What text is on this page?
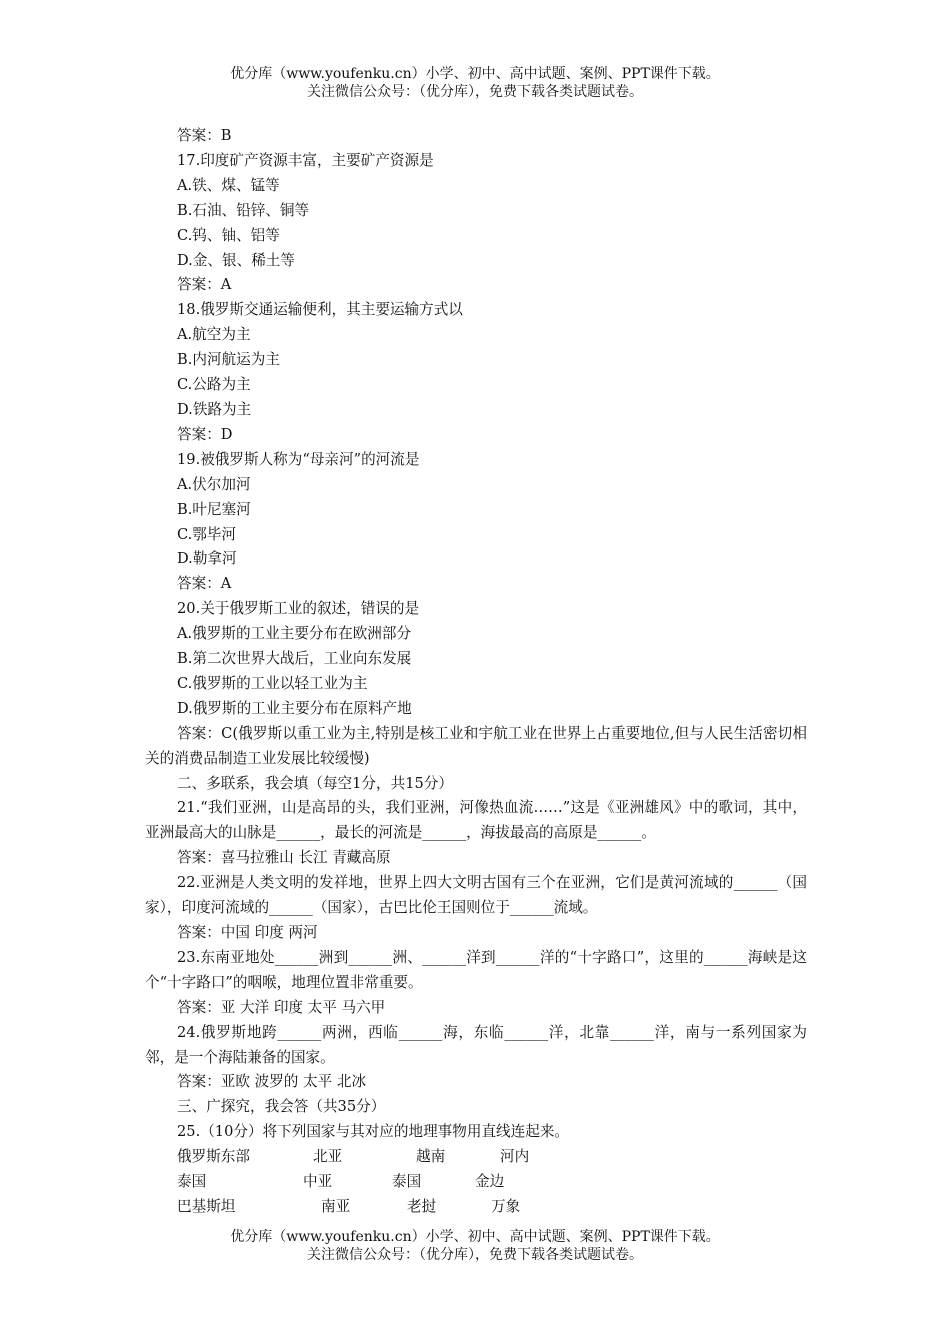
优分库（www.youfenku.cn）小学、初中、高中试题、案例、PPT课件下载。
关注微信公众号：（优分库），免费下载各类试题试卷。
答案：B
17.印度矿产资源丰富，主要矿产资源是
A.铁、煤、锰等
B.石油、铅锌、铜等
C.钨、铀、铝等
D.金、银、稀土等
答案：A
18.俄罗斯交通运输便利，其主要运输方式以
A.航空为主
B.内河航运为主
C.公路为主
D.铁路为主
答案：D
19.被俄罗斯人称为“母亲河”的河流是
A.伏尔加河
B.叶尼塞河
C.鄂毕河
D.勒拿河
答案：A
20.关于俄罗斯工业的叙述，错误的是
A.俄罗斯的工业主要分布在欧洲部分
B.第二次世界大战后，工业向东发展
C.俄罗斯的工业以轻工业为主
D.俄罗斯的工业主要分布在原料产地
答案：C(俄罗斯以重工业为主,特别是核工业和宇航工业在世界上占重要地位,但与人民生活密切相关的消费品制造工业发展比较缓慢)
二、多联系，我会填（每空1分，共15分）
21.“我们亚洲，山是高昂的头，我们亚洲，河像热血流……”这是《亚洲雄风》中的歌词，其中，亚洲最高大的山脉是______，最长的河流是______，海拔最高的高原是______。
答案：喜马拉雅山 长江 青藏高原
22.亚洲是人类文明的发祥地，世界上四大文明古国有三个在亚洲，它们是黄河流域的______（国家），印度河流域的______（国家），古巴比伦王国则位于______流域。
答案：中国 印度 两河
23.东南亚地处______洲到______洲、______洋到______洋的“十字路口”，这里的______海峡是这个“十字路口”的咽喉，地理位置非常重要。
答案：亚 大洋 印度 太平 马六甲
24.俄罗斯地跨______两洲，西临______海，东临______洋，北靠______洋，南与一系列国家为邻，是一个海陆兼备的国家。
答案：亚欧 波罗的 太平 北冰
三、广探究，我会答（共35分）
25.（10分）将下列国家与其对应的地理事物用直线连起来。
俄罗斯东部	北亚	越南	河内
泰国	中亚	泰国	金边
巴基斯坦	南亚	老挝	万象
优分库（www.youfenku.cn）小学、初中、高中试题、案例、PPT课件下载。
关注微信公众号：（优分库），免费下载各类试题试卷。
